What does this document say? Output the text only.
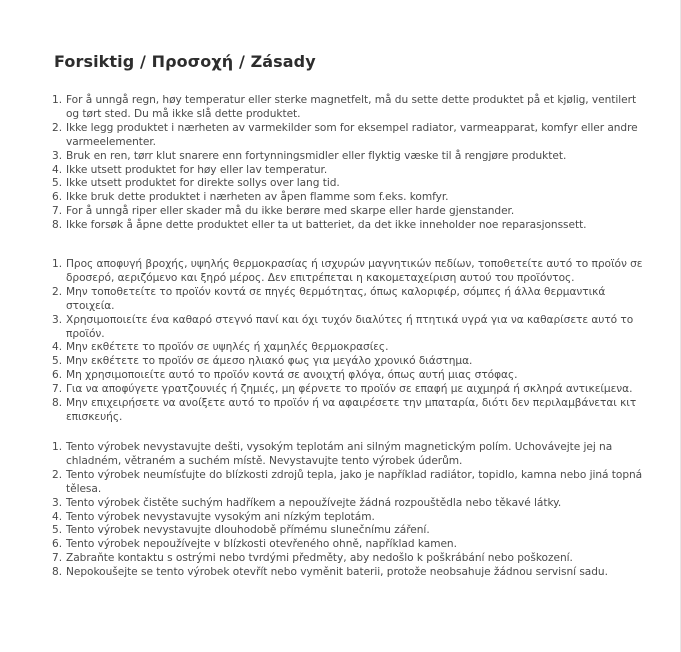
Forsiktig / Προσοχή / Zásady
1. For å unngå regn, høy temperatur eller sterke magnetfelt, må du sette dette produktet på et kjølig, ventilert og tørt sted. Du må ikke slå dette produktet.
2. Ikke legg produktet i nærheten av varmekilder som for eksempel radiator, varmeapparat, komfyr eller andre varmeelementer.
3. Bruk en ren, tørr klut snarere enn fortynningsmidler eller flyktig væske til å rengjøre produktet.
4. Ikke utsett produktet for høy eller lav temperatur.
5. Ikke utsett produktet for direkte sollys over lang tid.
6. Ikke bruk dette produktet i nærheten av åpen flamme som f.eks. komfyr.
7. For å unngå riper eller skader må du ikke berøre med skarpe eller harde gjenstander.
8. Ikke forsøk å åpne dette produktet eller ta ut batteriet, da det ikke inneholder noe reparasjonssett.
1. Προς αποφυγή βροχής, υψηλής θερμοκρασίας ή ισχυρών μαγνητικών πεδίων, τοποθετείτε αυτό το προϊόν σε δροσερό, αεριζόμενο και ξηρό μέρος. Δεν επιτρέπεται η κακομεταχείριση αυτού του προϊόντος.
2. Μην τοποθετείτε το προϊόν κοντά σε πηγές θερμότητας, όπως καλοριφέρ, σόμπες ή άλλα θερμαντικά στοιχεία.
3. Χρησιμοποιείτε ένα καθαρό στεγνό πανί και όχι τυχόν διαλύτες ή πτητικά υγρά για να καθαρίσετε αυτό το προϊόν.
4. Μην εκθέτετε το προϊόν σε υψηλές ή χαμηλές θερμοκρασίες.
5. Μην εκθέτετε το προϊόν σε άμεσο ηλιακό φως για μεγάλο χρονικό διάστημα.
6. Μη χρησιμοποιείτε αυτό το προϊόν κοντά σε ανοιχτή φλόγα, όπως αυτή μιας στόφας.
7. Για να αποφύγετε γρατζουνιές ή ζημιές, μη φέρνετε το προϊόν σε επαφή με αιχμηρά ή σκληρά αντικείμενα.
8. Μην επιχειρήσετε να ανοίξετε αυτό το προϊόν ή να αφαιρέσετε την μπαταρία, διότι δεν περιλαμβάνεται κιτ επισκευής.
1. Tento výrobek nevystavujte dešti, vysokým teplotám ani silným magnetickým polím. Uchovávejte jej na chladném, větraném a suchém místě. Nevystavujte tento výrobek úderům.
2. Tento výrobek neumísťujte do blízkosti zdrojů tepla, jako je například radiátor, topidlo, kamna nebo jiná topná tělesa.
3. Tento výrobek čistěte suchým hadříkem a nepoužívejte žádná rozpouštědla nebo těkavé látky.
4. Tento výrobek nevystavujte vysokým ani nízkým teplotám.
5. Tento výrobek nevystavujte dlouhodobě přímému slunečnímu záření.
6. Tento výrobek nepoužívejte v blízkosti otevřeného ohně, například kamen.
7. Zabraňte kontaktu s ostrými nebo tvrdými předměty, aby nedošlo k poškrábání nebo poškození.
8. Nepokoušejte se tento výrobek otevřít nebo vyměnit baterii, protože neobsahuje žádnou servisní sadu.
